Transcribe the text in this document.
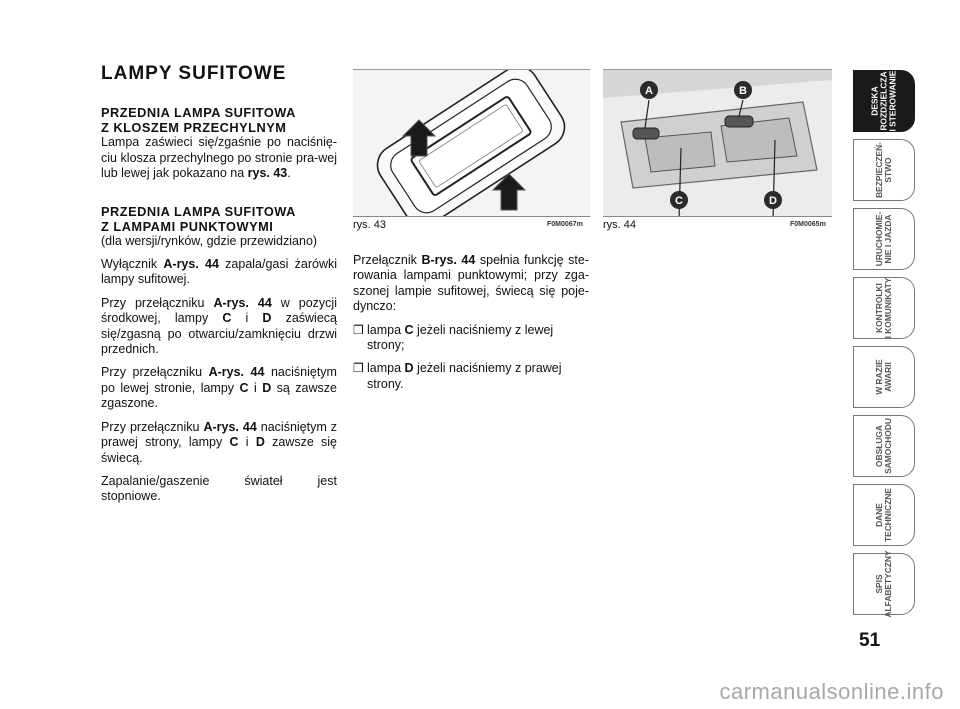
LAMPY SUFITOWE
PRZEDNIA LAMPA SUFITOWA
Z KLOSZEM PRZECHYLNYM

Lampa zaświeci się/zgaśnie po naciśnię-ciu klosza przechylnego po stronie pra-wej lub lewej jak pokazano na rys. 43.

PRZEDNIA LAMPA SUFITOWA
Z LAMPAMI PUNKTOWYMI

(dla wersji/rynków, gdzie przewidziano)

Wyłącznik A-rys. 44 zapala/gasi żarówki lampy sufitowej.

Przy przełączniku A-rys. 44 w pozycji środkowej, lampy C i D zaświecą się/zgasną po otwarciu/zamknięciu drzwi przednich.

Przy przełączniku A-rys. 44 naciśniętym po lewej stronie, lampy C i D są zawsze zgaszone.

Przy przełączniku A-rys. 44 naciśniętym z prawej strony, lampy C i D zawsze się świecą.

Zapalanie/gaszenie świateł jest stopniowe.

rys. 43	F0M0067m
A	B
C	D
rys. 44	F0M0065m

Przełącznik B-rys. 44 spełnia funkcję ste-rowania lampami punktowymi; przy zga-szonej lampie sufitowej, świecą się poje-dynczo:

❒ lampa C jeżeli naciśniemy z lewej strony;
❒ lampa D jeżeli naciśniemy z prawej strony.
DESKA
ROZDZIELCZA
I STEROWANIE
BEZPIECZEŃ-
STWO
URUCHOMIE-
NIE I JAZDA
KONTROLKI
I KOMUNIKATY
W RAZIE
AWARII
OBSŁUGA
SAMOCHODU
DANE
TECHNICZNE
SPIS
ALFABETYCZNY
51
carmanualsonline.info
